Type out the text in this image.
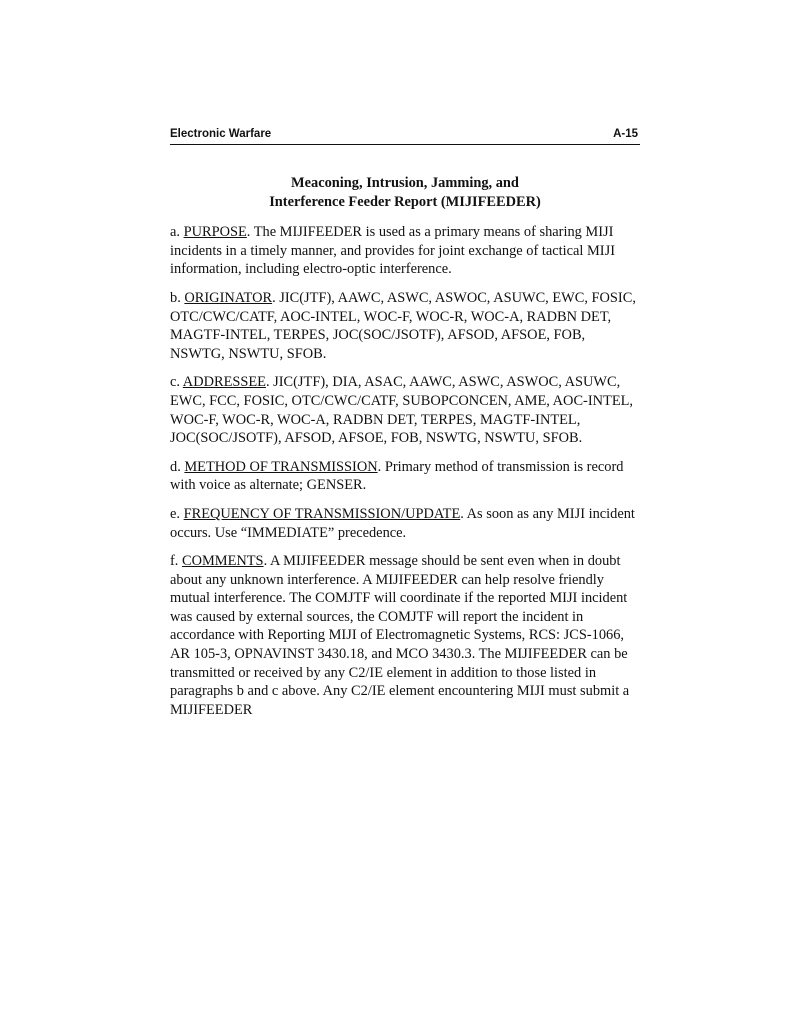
Electronic Warfare	A-15
Meaconing, Intrusion, Jamming, and
Interference Feeder Report (MIJIFEEDER)

a. PURPOSE. The MIJIFEEDER is used as a primary means of sharing MIJI incidents in a timely manner, and provides for joint exchange of tactical MIJI information, including electro-optic interference.

b. ORIGINATOR. JIC(JTF), AAWC, ASWC, ASWOC, ASUWC, EWC, FOSIC, OTC/CWC/CATF, AOC-INTEL, WOC-F, WOC-R, WOC-A, RADBN DET, MAGTF-INTEL, TERPES, JOC(SOC/JSOTF), AFSOD, AFSOE, FOB, NSWTG, NSWTU, SFOB.

c. ADDRESSEE. JIC(JTF), DIA, ASAC, AAWC, ASWC, ASWOC, ASUWC, EWC, FCC, FOSIC, OTC/CWC/CATF, SUBOPCONCEN, AME, AOC-INTEL, WOC-F, WOC-R, WOC-A, RADBN DET, TERPES, MAGTF-INTEL, JOC(SOC/JSOTF), AFSOD, AFSOE, FOB, NSWTG, NSWTU, SFOB.

d. METHOD OF TRANSMISSION. Primary method of transmission is record with voice as alternate; GENSER.

e. FREQUENCY OF TRANSMISSION/UPDATE. As soon as any MIJI incident occurs. Use “IMMEDIATE” precedence.

f. COMMENTS. A MIJIFEEDER message should be sent even when in doubt about any unknown interference. A MIJIFEEDER can help resolve friendly mutual interference. The COMJTF will coordinate if the reported MIJI incident was caused by external sources, the COMJTF will report the incident in accordance with Reporting MIJI of Electromagnetic Systems, RCS: JCS-1066, AR 105-3, OPNAVINST 3430.18, and MCO 3430.3. The MIJIFEEDER can be transmitted or received by any C2/IE element in addition to those listed in paragraphs b and c above. Any C2/IE element encountering MIJI must submit a MIJIFEEDER
